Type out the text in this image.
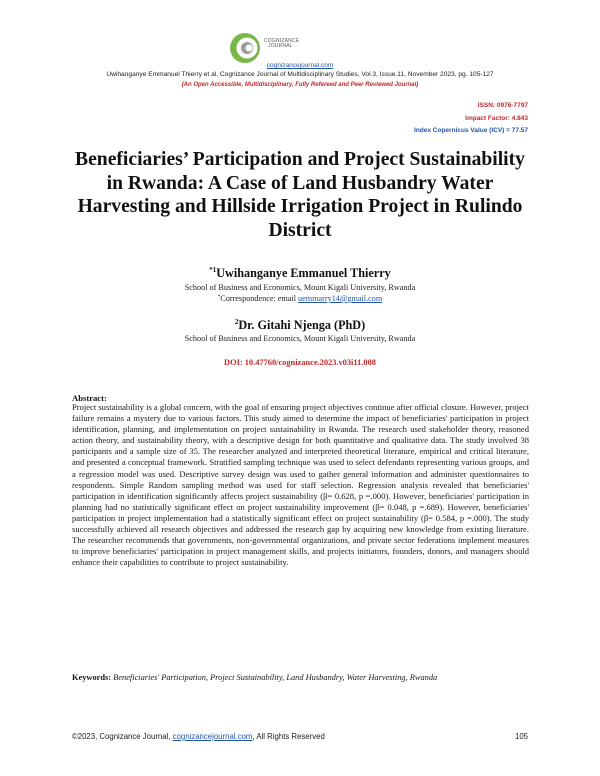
COGNIZANCE
JOURNAL
cognizancejournal.com
Uwihanganye Emmanuel Thierry et al, Cognizance Journal of Multidisciplinary Studies, Vol.3, Issue.11, November 2023, pg. 105-127
(An Open Accessible, Multidisciplinary, Fully Refereed and Peer Reviewed Journal)
ISSN: 0976-7797
Impact Factor: 4.843
Index Copernicus Value (ICV) = 77.57
Beneficiaries’ Participation and Project Sustainability in Rwanda: A Case of Land Husbandry Water Harvesting and Hillside Irrigation Project in Rulindo District
$^{*1}$Uwihanganye Emmanuel Thierry
School of Business and Economics, Mount Kigali University, Rwanda
*Correspondence: email uemmarry14@gmail.com
$^2$Dr. Gitahi Njenga (PhD)
School of Business and Economics, Mount Kigali University, Rwanda
DOI: 10.47760/cognizance.2023.v03i11.008
Abstract:

Project sustainability is a global concern, with the goal of ensuring project objectives continue after official closure. However, project failure remains a mystery due to various factors. This study aimed to determine the impact of beneficiaries' participation in project identification, planning, and implementation on project sustainability in Rwanda. The research used stakeholder theory, reasoned action theory, and sustainability theory, with a descriptive design for both quantitative and qualitative data. The study involved 38 participants and a sample size of 35. The researcher analyzed and interpreted theoretical literature, empirical and critical literature, and presented a conceptual framework. Stratified sampling technique was used to select defendants representing various groups, and a regression model was used. Descriptive survey design was used to gather general information and administer questionnaires to respondents. Simple Random sampling method was used for staff selection. Regression analysis revealed that beneficiaries' participation in identification significantly affects project sustainability (β= 0.628, p =.000). However, beneficiaries' participation in planning had no statistically significant effect on project sustainability improvement (β= 0.048, p =.689). However, beneficiaries' participation in project implementation had a statistically significant effect on project sustainability (β= 0.584, p =.000). The study successfully achieved all research objectives and addressed the research gap by acquiring new knowledge from existing literature. The researcher recommends that governments, non-governmental organizations, and private sector federations implement measures to improve beneficiaries' participation in project management skills, and projects initiators, founders, donors, and managers should enhance their capabilities to contribute to project sustainability.

Keywords: Beneficiaries' Participation, Project Sustainability, Land Husbandry, Water Harvesting, Rwanda
©2023, Cognizance Journal, cognizancejournal.com, All Rights Reserved	105
